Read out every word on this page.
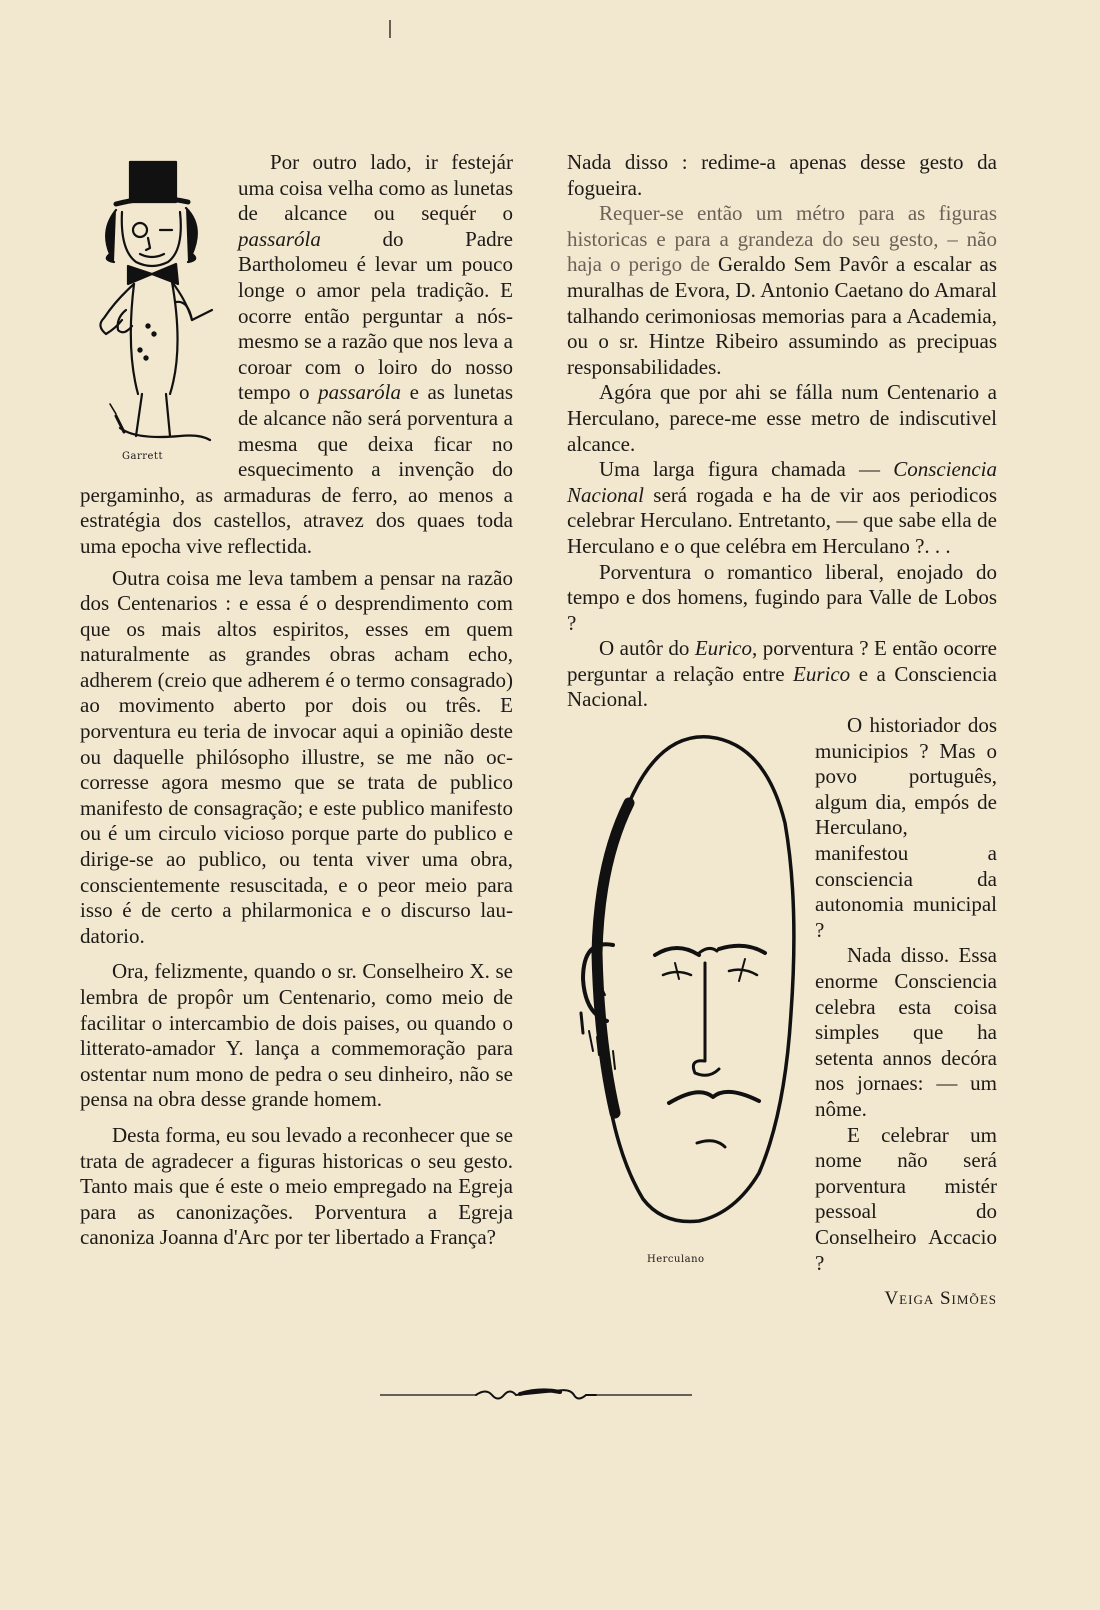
Garrett

Por outro lado, ir festejár uma coisa velha como as lunetas de alcance ou sequér o passaróla do Padre Bartholomeu é levar um pouco longe o amor pela tradição. E ocorre então perguntar a nós-mesmo se a razão que nos leva a coroar com o loiro do nosso tempo o passaróla e as lunetas de alcance não será porventura a mesma que deixa ficar no esquecimento a invenção do pergaminho, as armaduras de ferro, ao menos a estratégia dos castellos, atravez dos quaes toda uma epocha vive reflectida.

Outra coisa me leva tambem a pensar na razão dos Centenarios : e essa é o desprendimento com que os mais altos espiritos, esses em quem naturalmente as grandes obras acham echo, adherem (creio que adherem é o termo consagrado) ao movimento aberto por dois ou três. E porventura eu teria de invocar aqui a opinião deste ou daquelle philósopho illustre, se me não occorresse agora mesmo que se trata de publico manifesto de consagração; e este publico manifesto ou é um circulo vicioso porque parte do publico e dirige-se ao publico, ou tenta viver uma obra, conscientemente resuscitada, e o peor meio para isso é de certo a philarmonica e o discurso laudatorio.

Ora, felizmente, quando o sr. Conselheiro X. se lembra de propôr um Centenario, como meio de facilitar o intercambio de dois paises, ou quando o litterato-amador Y. lança a commemoração para ostentar num mono de pedra o seu dinheiro, não se pensa na obra desse grande homem.

Desta forma, eu sou levado a reconhecer que se trata de agradecer a figuras historicas o seu gesto. Tanto mais que é este o meio empregado na Egreja para as canonizações. Porventura a Egreja canoniza Joanna d'Arc por ter libertado a França?

Nada disso : redime-a apenas desse gesto da fogueira.

Requer-se então um métro para as figuras historicas e para a grandeza do seu gesto, – não haja o perigo de Geraldo Sem Pavôr a escalar as muralhas de Evora, D. Antonio Caetano do Amaral talhando cerimoniosas memorias para a Academia, ou o sr. Hintze Ribeiro assumindo as precipuas responsabilidades.

Agóra que por ahi se fálla num Centenario a Herculano, parece-me esse metro de indiscutivel alcance.

Uma larga figura chamada — Consciencia Nacional será rogada e ha de vir aos periodicos celebrar Herculano. Entretanto, — que sabe ella de Herculano e o que celébra em Herculano ?. . .

Porventura o romantico liberal, enojado do tempo e dos homens, fugindo para Valle de Lobos ?

O autôr do Eurico, porventura ? E então ocorre perguntar a relação entre Eurico e a Consciencia Nacional.

Herculano

O historiador dos municipios ? Mas o povo português, algum dia, empós de Herculano, manifestou a consciencia da autonomia municipal ?

Nada disso. Essa enorme Consciencia celebra esta coisa simples que ha setenta annos decóra nos jornaes: — um nôme.

E celebrar um nome não será porventura mistér pessoal do Conselheiro Accacio ?

Veiga Simões
